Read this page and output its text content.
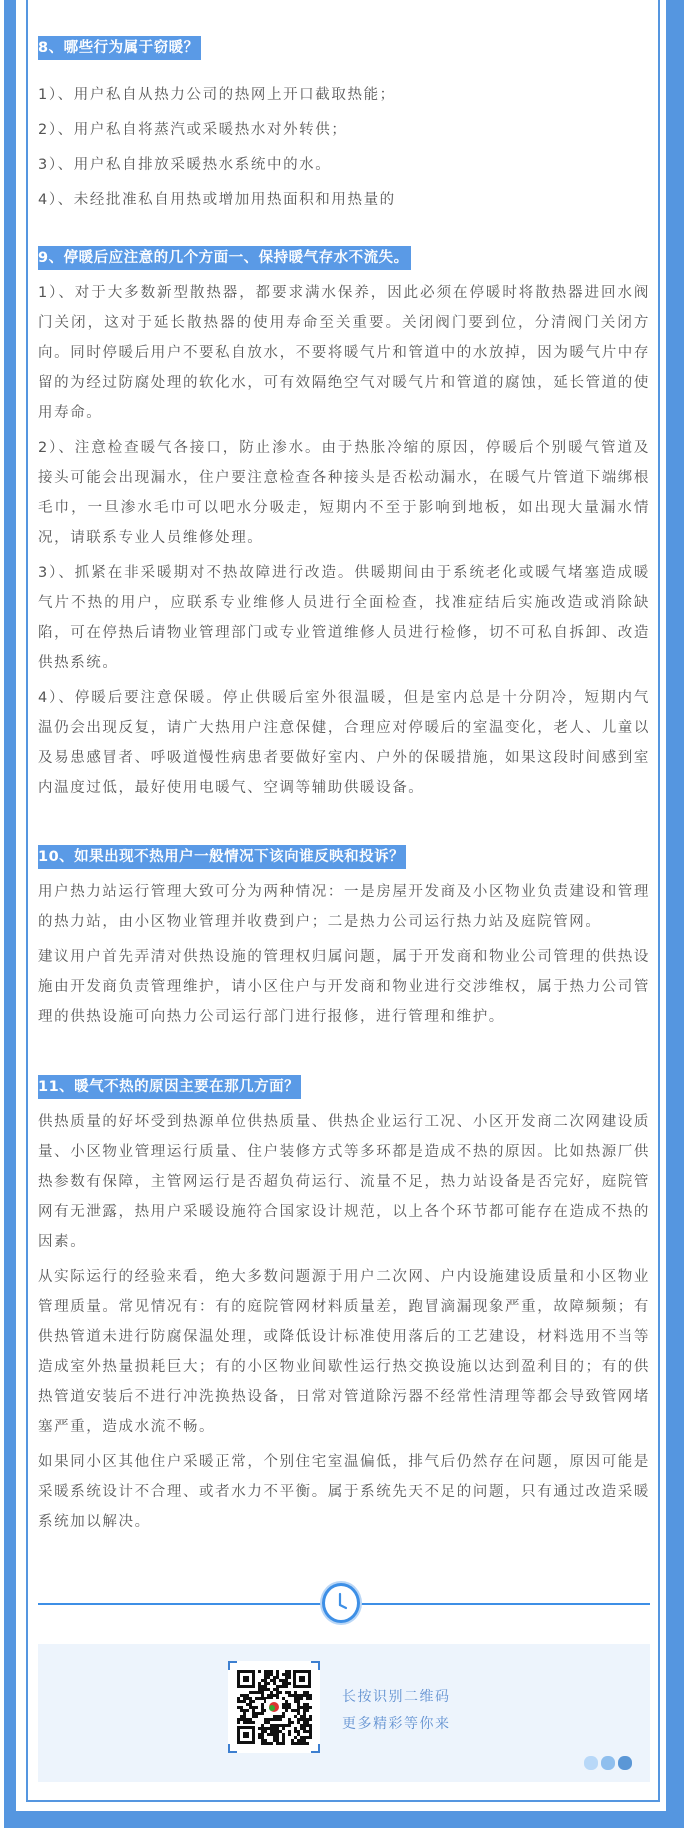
8、哪些行为属于窃暖？

1）、用户私自从热力公司的热网上开口截取热能；

2）、用户私自将蒸汽或采暖热水对外转供；

3）、用户私自排放采暖热水系统中的水。

4）、未经批准私自用热或增加用热面积和用热量的

9、停暖后应注意的几个方面一、保持暖气存水不流失。

1）、对于大多数新型散热器，都要求满水保养，因此必须在停暖时将散热器进回水阀门关闭，这对于延长散热器的使用寿命至关重要。关闭阀门要到位，分清阀门关闭方向。同时停暖后用户不要私自放水，不要将暖气片和管道中的水放掉，因为暖气片中存留的为经过防腐处理的软化水，可有效隔绝空气对暖气片和管道的腐蚀，延长管道的使用寿命。

2）、注意检查暖气各接口，防止渗水。由于热胀冷缩的原因，停暖后个别暖气管道及接头可能会出现漏水，住户要注意检查各种接头是否松动漏水，在暖气片管道下端绑根毛巾，一旦渗水毛巾可以吧水分吸走，短期内不至于影响到地板，如出现大量漏水情况，请联系专业人员维修处理。

3）、抓紧在非采暖期对不热故障进行改造。供暖期间由于系统老化或暖气堵塞造成暖气片不热的用户，应联系专业维修人员进行全面检查，找准症结后实施改造或消除缺陷，可在停热后请物业管理部门或专业管道维修人员进行检修，切不可私自拆卸、改造供热系统。

4）、停暖后要注意保暖。停止供暖后室外很温暖，但是室内总是十分阴冷，短期内气温仍会出现反复，请广大热用户注意保健，合理应对停暖后的室温变化，老人、儿童以及易患感冒者、呼吸道慢性病患者要做好室内、户外的保暖措施，如果这段时间感到室内温度过低，最好使用电暖气、空调等辅助供暖设备。

10、如果出现不热用户一般情况下该向谁反映和投诉？

用户热力站运行管理大致可分为两种情况：一是房屋开发商及小区物业负责建设和管理的热力站，由小区物业管理并收费到户；二是热力公司运行热力站及庭院管网。

建议用户首先弄清对供热设施的管理权归属问题，属于开发商和物业公司管理的供热设施由开发商负责管理维护，请小区住户与开发商和物业进行交涉维权，属于热力公司管理的供热设施可向热力公司运行部门进行报修，进行管理和维护。

11、暖气不热的原因主要在那几方面？

供热质量的好坏受到热源单位供热质量、供热企业运行工况、小区开发商二次网建设质量、小区物业管理运行质量、住户装修方式等多环都是造成不热的原因。比如热源厂供热参数有保障，主管网运行是否超负荷运行、流量不足，热力站设备是否完好，庭院管网有无泄露，热用户采暖设施符合国家设计规范，以上各个环节都可能存在造成不热的因素。

从实际运行的经验来看，绝大多数问题源于用户二次网、户内设施建设质量和小区物业管理质量。常见情况有：有的庭院管网材料质量差，跑冒滴漏现象严重，故障频频；有供热管道未进行防腐保温处理，或降低设计标准使用落后的工艺建设，材料选用不当等造成室外热量损耗巨大；有的小区物业间歇性运行热交换设施以达到盈利目的；有的供热管道安装后不进行冲洗换热设备，日常对管道除污器不经常性清理等都会导致管网堵塞严重，造成水流不畅。

如果同小区其他住户采暖正常，个别住宅室温偏低，排气后仍然存在问题，原因可能是采暖系统设计不合理、或者水力不平衡。属于系统先天不足的问题，只有通过改造采暖系统加以解决。

长按识别二维码
更多精彩等你来
